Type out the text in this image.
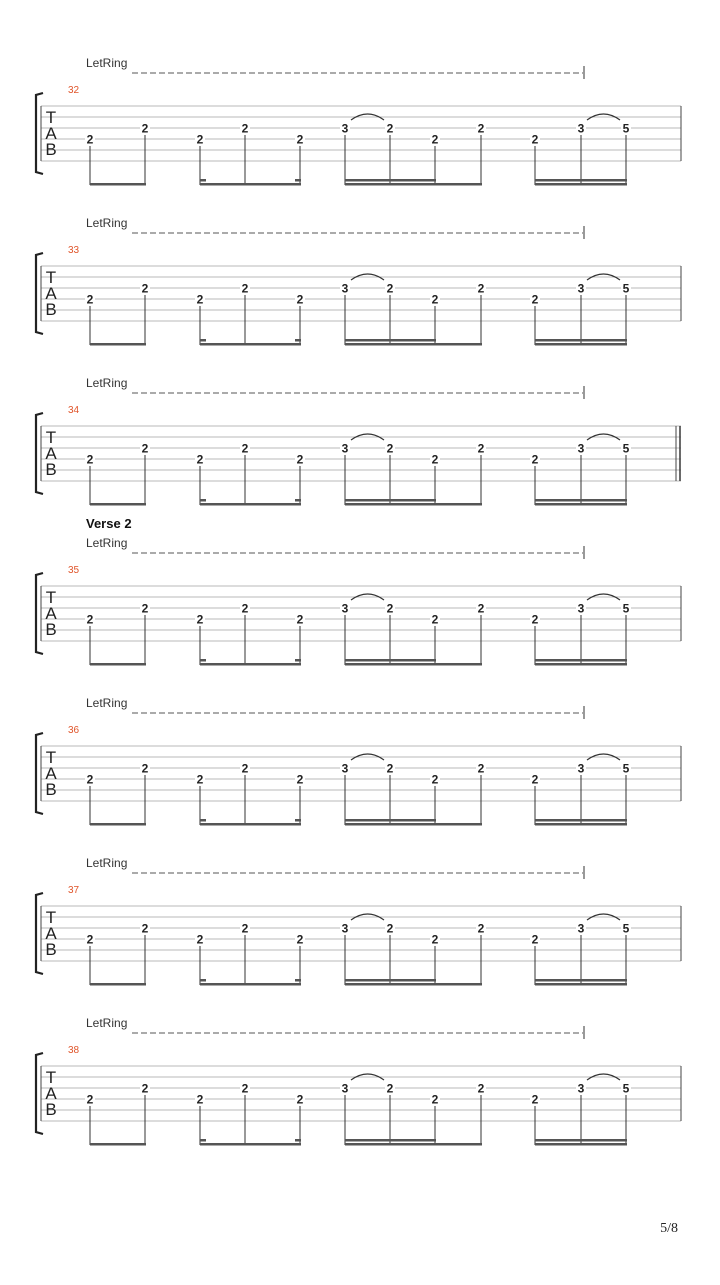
LetRing
32
T
A
B
2
2
2
2
2
3	2
2
2
2
3	5
LetRing
33
T
A
B
2
2
2
2
2
3	2
2
2
2
3	5
LetRing
34
T
A
B
2
2
2
2
2
3	2
2
2
2
3	5
Verse 2
LetRing
35
T
A
B
2
2
2
2
2
3	2
2
2
2
3	5
LetRing
36
T
A
B
2
2
2
2
2
3	2
2
2
2
3	5
LetRing
37
T
A
B
2
2
2
2
2
3	2
2
2
2
3	5
LetRing
38
T
A
B
2
2
2
2
2
3	2
2
2
2
3	5
5/8
